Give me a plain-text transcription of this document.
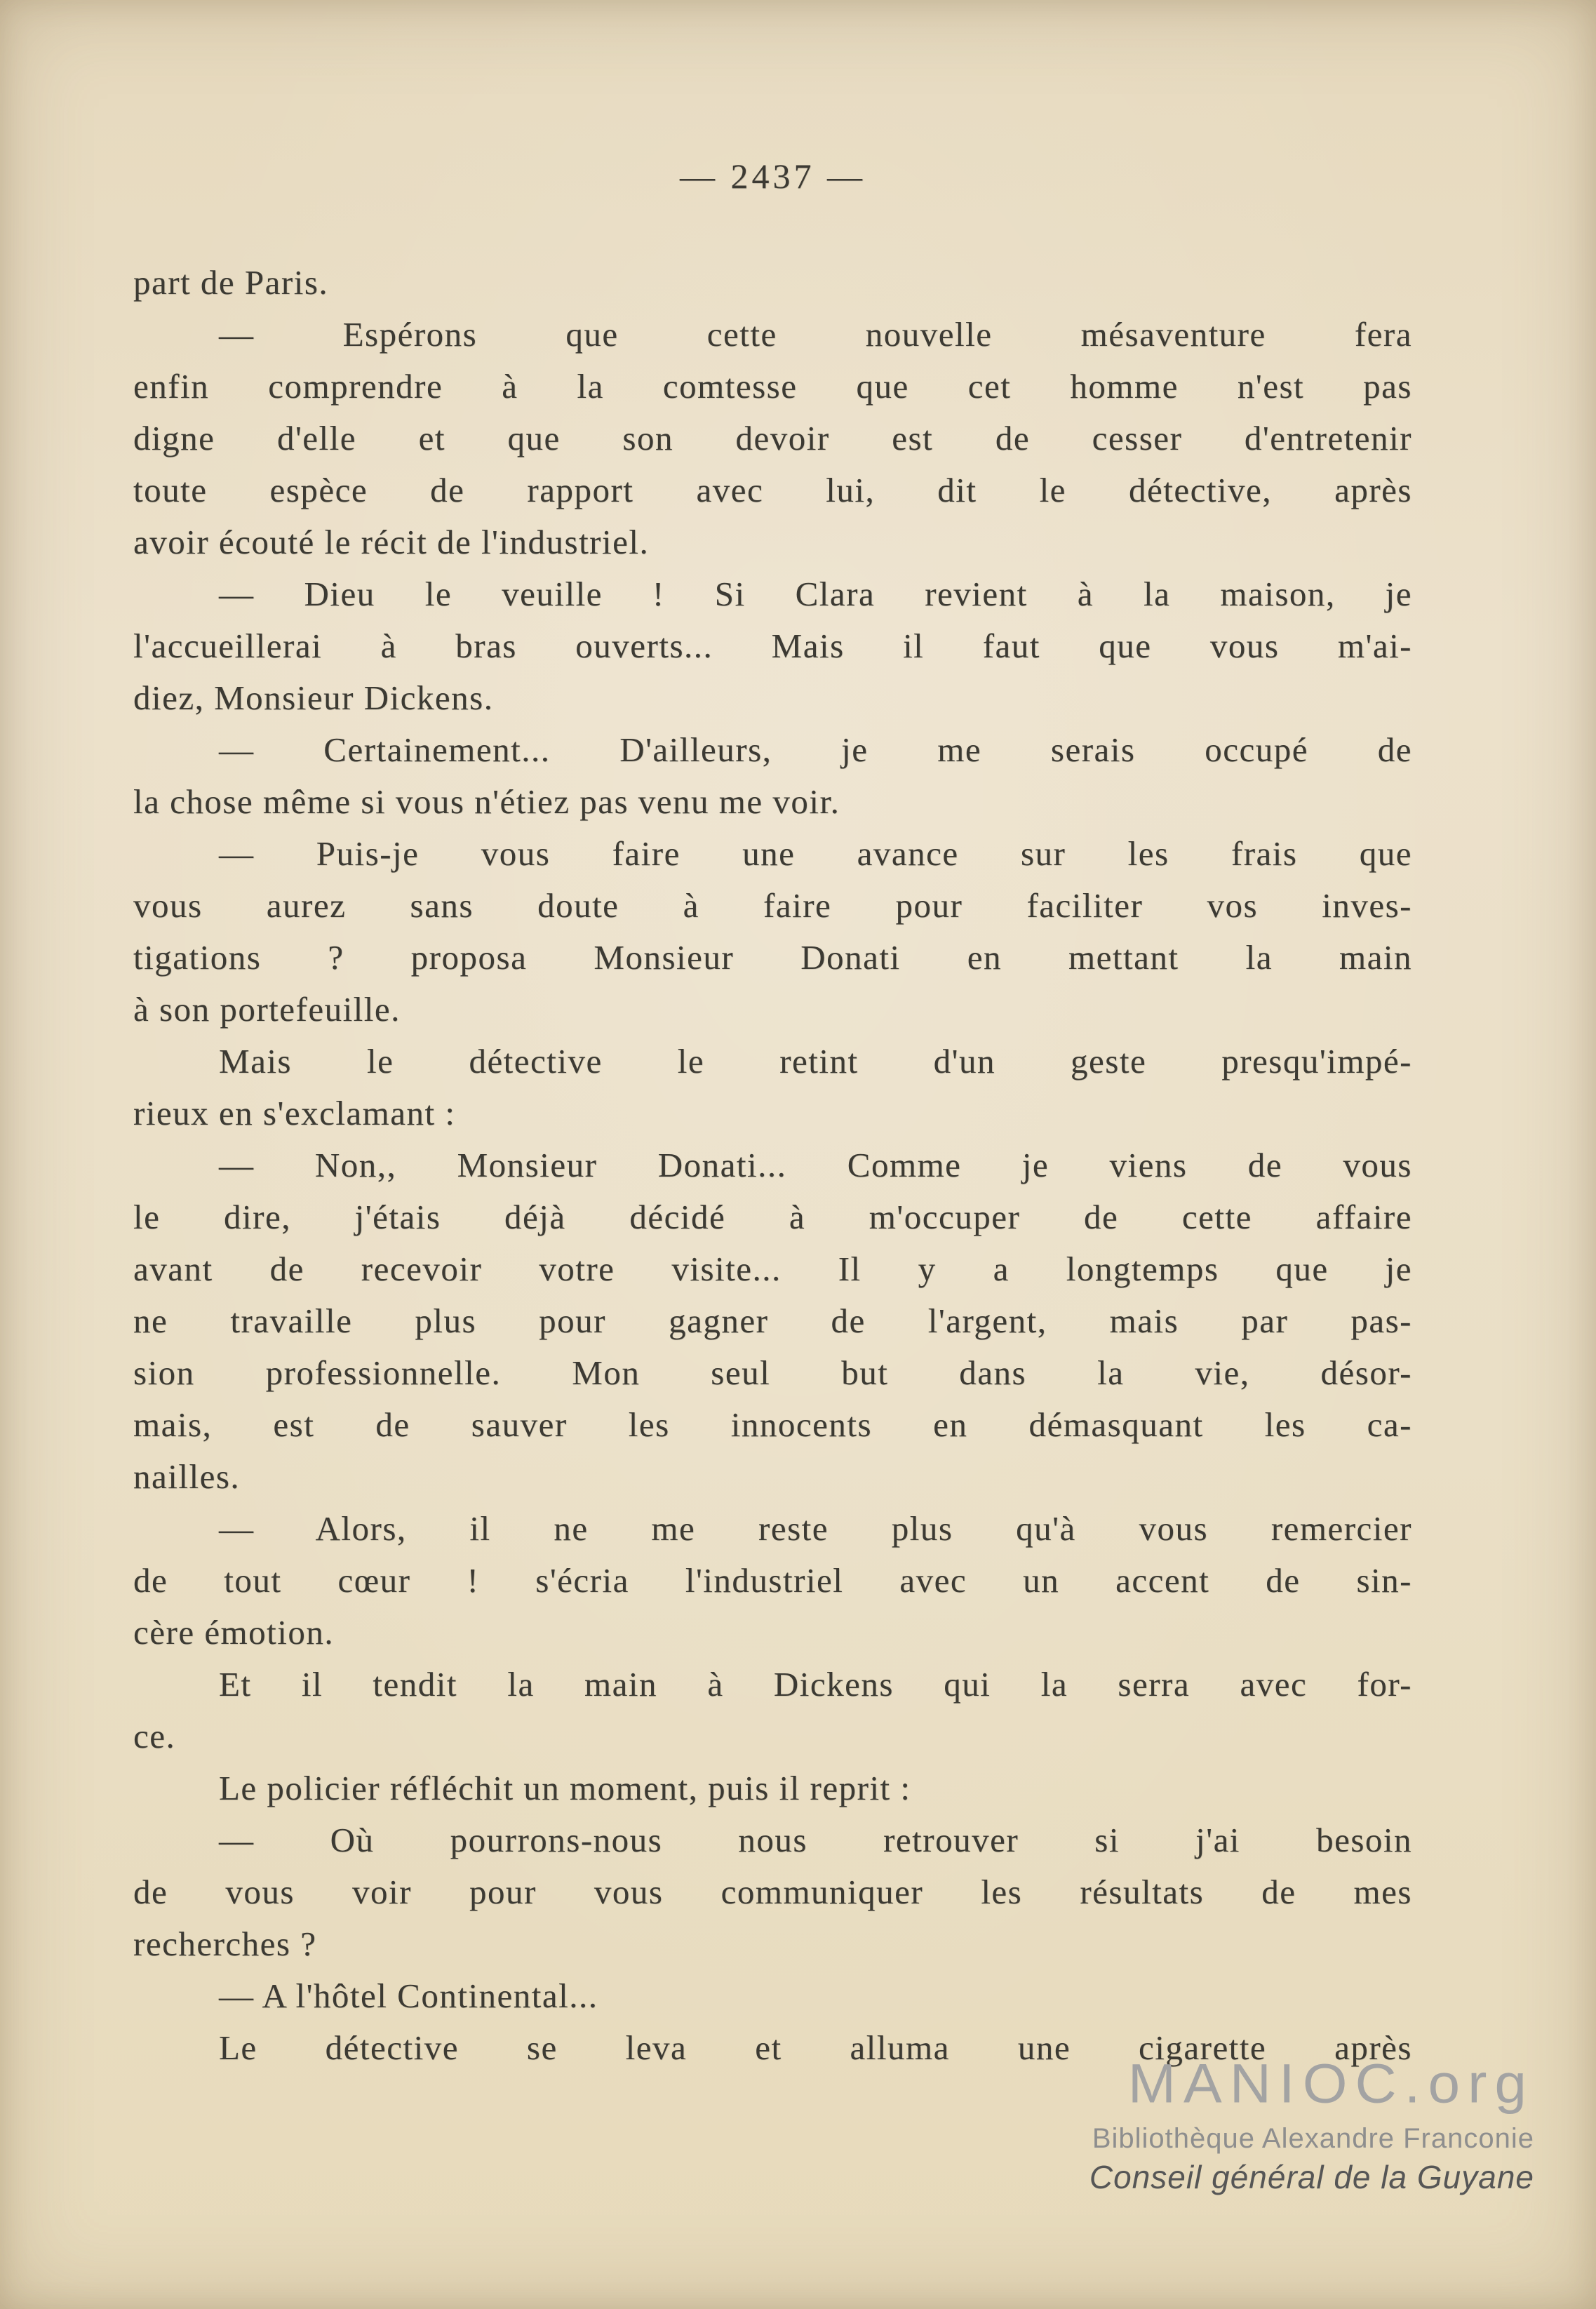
— 2437 —
part de Paris.
— Espérons que cette nouvelle mésaventure fera
enfin comprendre à la comtesse que cet homme n'est pas
digne d'elle et que son devoir est de cesser d'entretenir
toute espèce de rapport avec lui, dit le détective, après
avoir écouté le récit de l'industriel.
— Dieu le veuille ! Si Clara revient à la maison, je
l'accueillerai à bras ouverts... Mais il faut que vous m'ai-
diez, Monsieur Dickens.
— Certainement... D'ailleurs, je me serais occupé de
la chose même si vous n'étiez pas venu me voir.
— Puis-je vous faire une avance sur les frais que
vous aurez sans doute à faire pour faciliter vos inves-
tigations ? proposa Monsieur Donati en mettant la main
à son portefeuille.
Mais le détective le retint d'un geste presqu'impé-
rieux en s'exclamant :
— Non,, Monsieur Donati... Comme je viens de vous
le dire, j'étais déjà décidé à m'occuper de cette affaire
avant de recevoir votre visite... Il y a longtemps que je
ne travaille plus pour gagner de l'argent, mais par pas-
sion professionnelle. Mon seul but dans la vie, désor-
mais, est de sauver les innocents en démasquant les ca-
nailles.
— Alors, il ne me reste plus qu'à vous remercier
de tout cœur ! s'écria l'industriel avec un accent de sin-
cère émotion.
Et il tendit la main à Dickens qui la serra avec for-
ce.
Le policier réfléchit un moment, puis il reprit :
— Où pourrons-nous nous retrouver si j'ai besoin
de vous voir pour vous communiquer les résultats de mes
recherches ?
— A l'hôtel Continental...
Le détective se leva et alluma une cigarette après
MANIOC.org
Bibliothèque Alexandre Franconie
Conseil général de la Guyane
